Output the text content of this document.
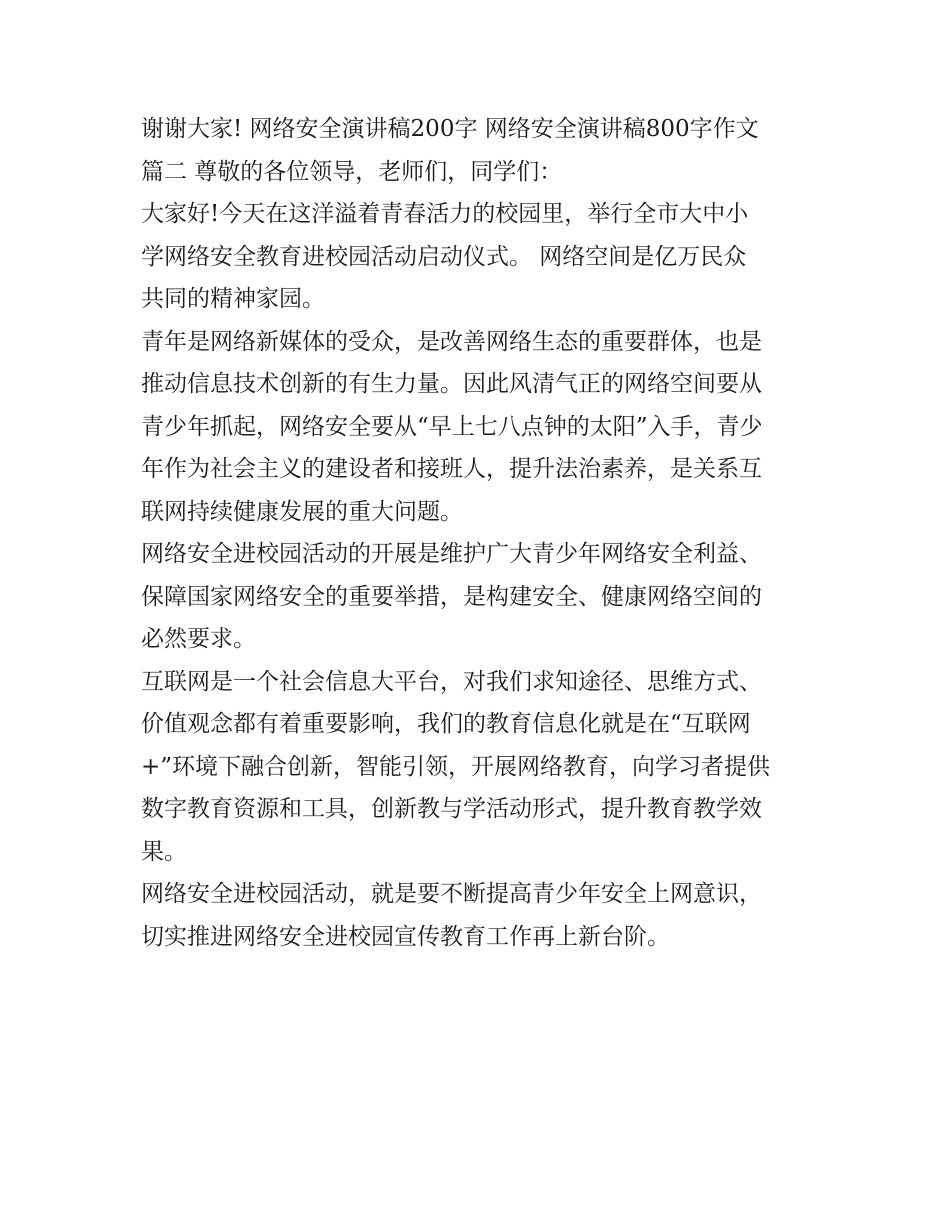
谢谢大家! 网络安全演讲稿200字 网络安全演讲稿800字作文
篇二 尊敬的各位领导，老师们，同学们：
大家好!今天在这洋溢着青春活力的校园里，举行全市大中小
学网络安全教育进校园活动启动仪式。 网络空间是亿万民众
共同的精神家园。
青年是网络新媒体的受众，是改善网络生态的重要群体，也是
推动信息技术创新的有生力量。因此风清气正的网络空间要从
青少年抓起，网络安全要从“早上七八点钟的太阳”入手，青少
年作为社会主义的建设者和接班人，提升法治素养，是关系互
联网持续健康发展的重大问题。
网络安全进校园活动的开展是维护广大青少年网络安全利益、
保障国家网络安全的重要举措，是构建安全、健康网络空间的
必然要求。
互联网是一个社会信息大平台，对我们求知途径、思维方式、
价值观念都有着重要影响，我们的教育信息化就是在“互联网
+”环境下融合创新，智能引领，开展网络教育，向学习者提供
数字教育资源和工具，创新教与学活动形式，提升教育教学效
果。
网络安全进校园活动，就是要不断提高青少年安全上网意识，
切实推进网络安全进校园宣传教育工作再上新台阶。
